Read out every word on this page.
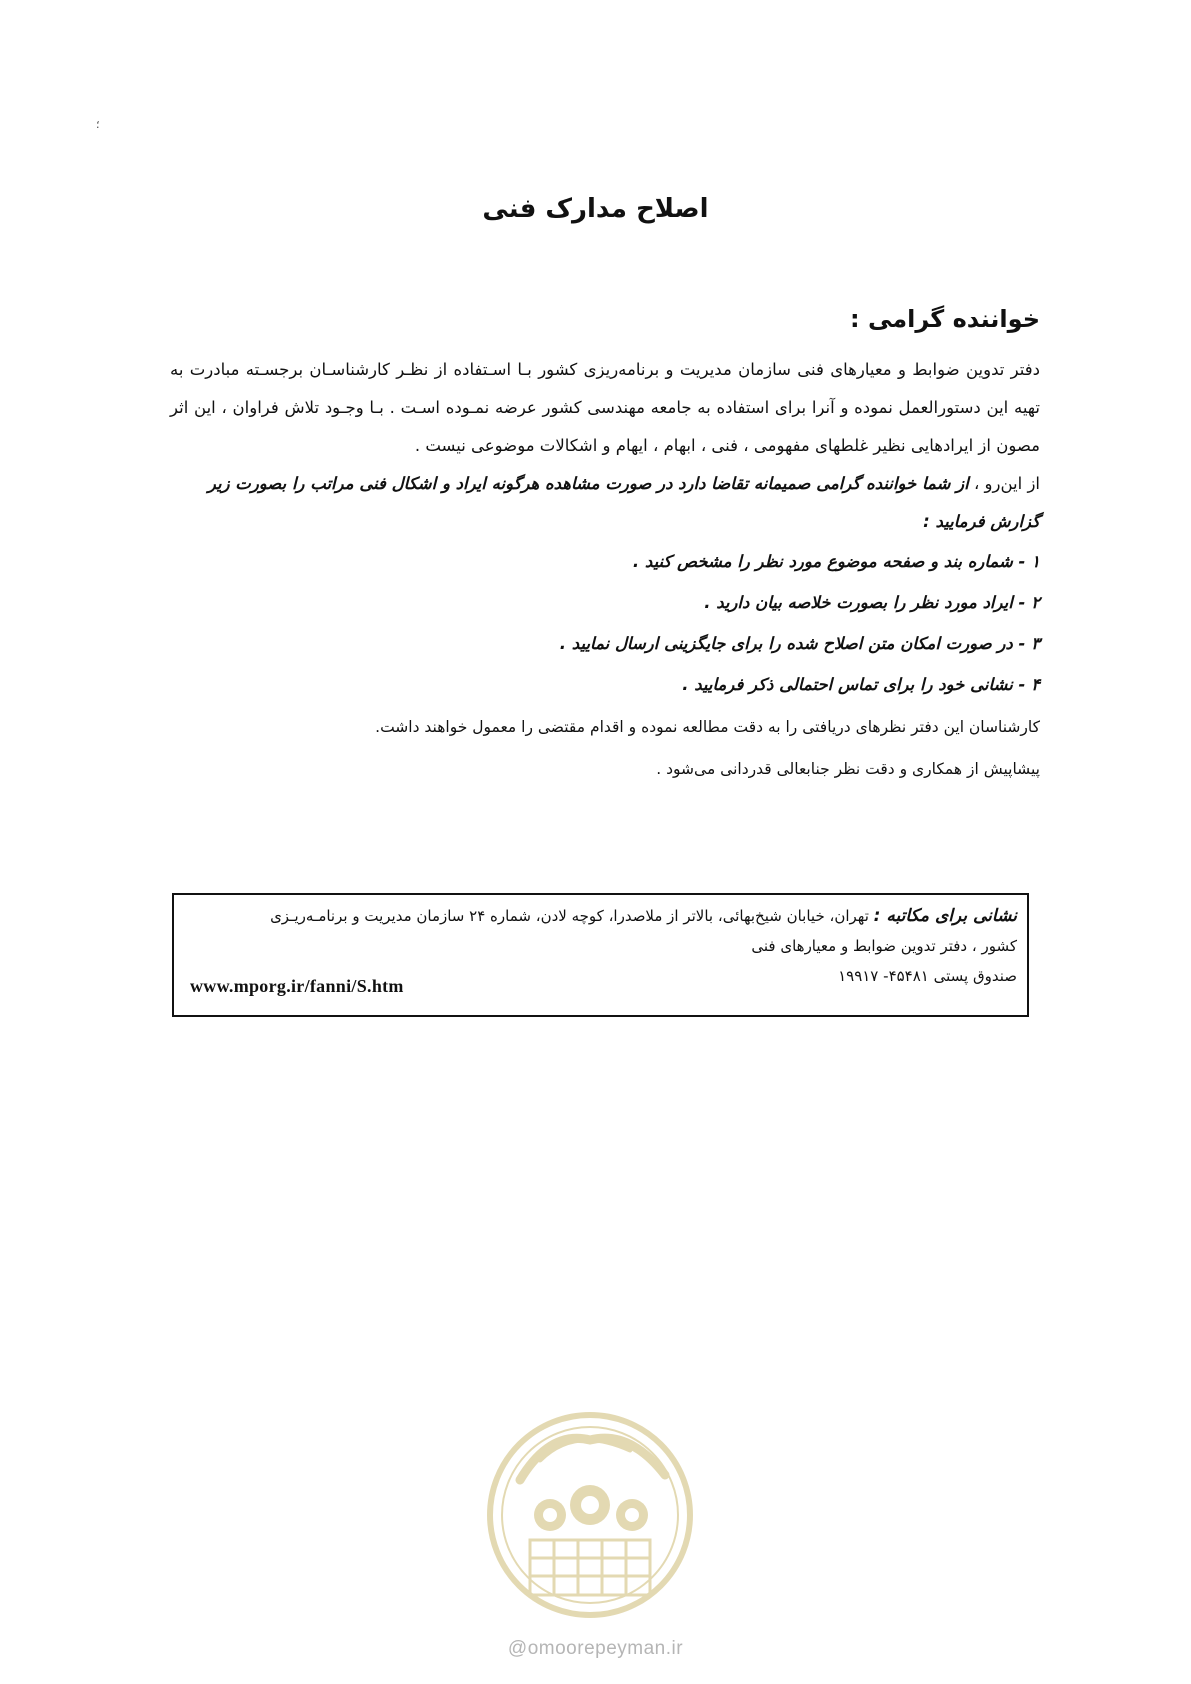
؛
اصلاح مدارک فنی
خواننده گرامی :

دفتر تدوین ضوابط و معیارهای فنی سازمان مدیریت و برنامه‌ریزی کشور بـا اسـتفاده از نظـر کارشناسـان برجسـته مبادرت به تهیه این دستورالعمل نموده و آنرا برای استفاده به جامعه مهندسی کشور عرضه نمـوده اسـت . بـا وجـود تلاش فراوان ، این اثر مصون از ایرادهایی نظیر غلطهای مفهومی ، فنی ، ابهام ، ایهام و اشکالات موضوعی نیست .

از این‌رو ، از شما خواننده گرامی صمیمانه تقاضا دارد در صورت مشاهده هرگونه ایراد و اشکال فنی مراتب را بصورت زیر گزارش فرمایید :

۱ - شماره بند و صفحه موضوع مورد نظر را مشخص کنید .
۲ - ایراد مورد نظر را بصورت خلاصه بیان دارید .
۳ - در صورت امکان متن اصلاح شده را برای جایگزینی ارسال نمایید .
۴ - نشانی خود را برای تماس احتمالی ذکر فرمایید .

کارشناسان این دفتر نظرهای دریافتی را به دقت مطالعه نموده و اقدام مقتضی را معمول خواهند داشت.

پیشاپیش از همکاری و دقت نظر جنابعالی قدردانی می‌شود .

نشانی برای مکاتبه : تهران، خیابان شیخ‌بهائی، بالاتر از ملاصدرا، کوچه لادن، شماره ۲۴ سازمان مدیریت و برنامـه‌ریـزی
کشور ، دفتر تدوین ضوابط و معیارهای فنی
صندوق پستی ۴۵۴۸۱- ۱۹۹۱۷
www.mporg.ir/fanni/S.htm
@omoorepeyman.ir
